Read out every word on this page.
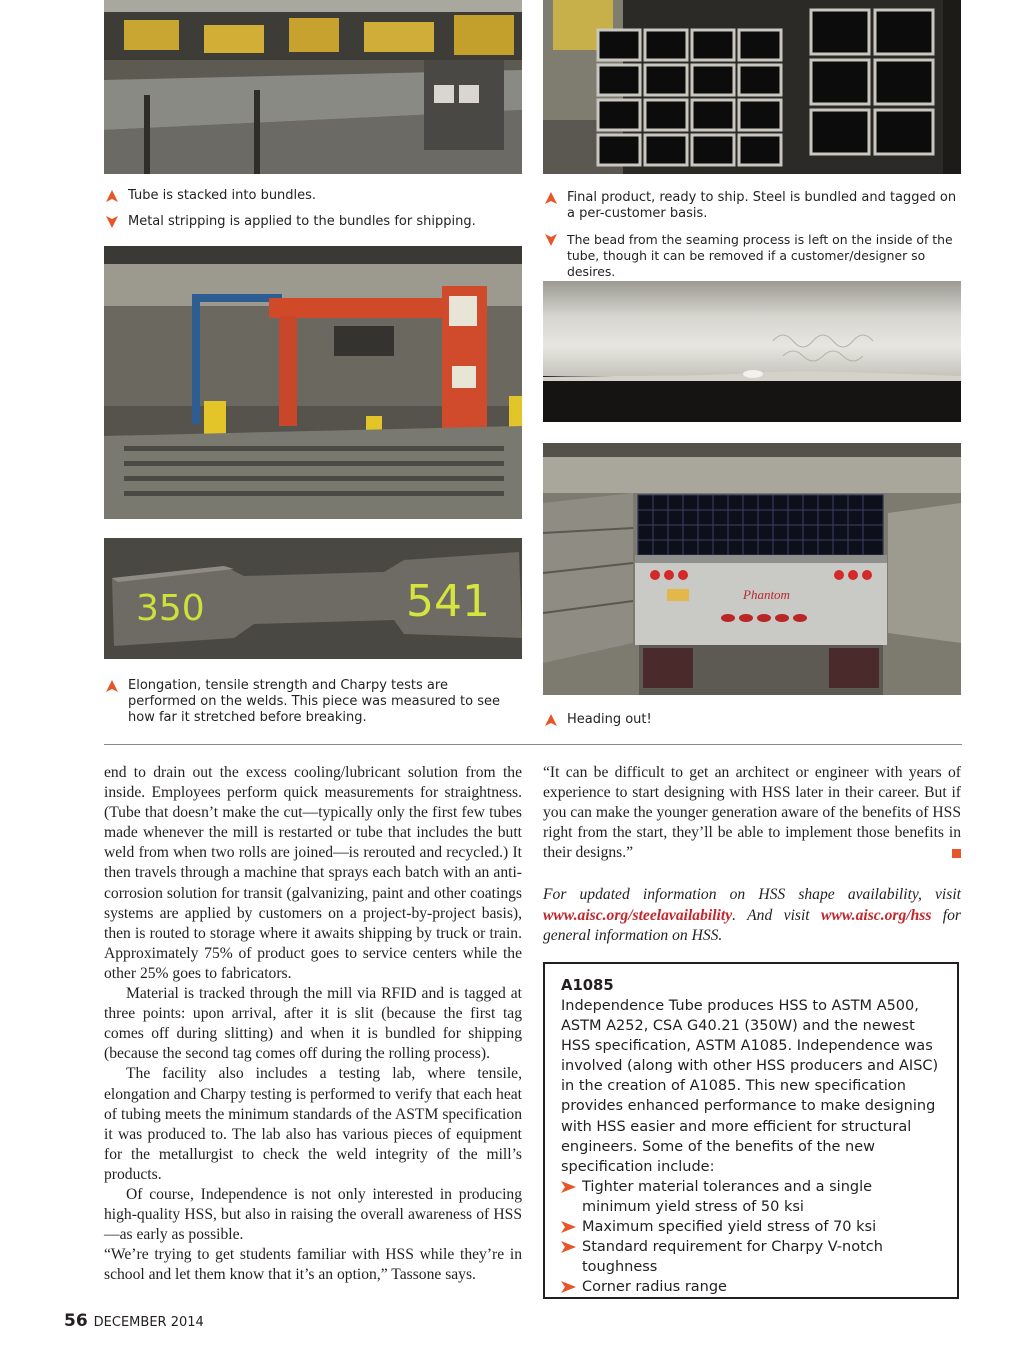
Tube is stacked into bundles.
Metal stripping is applied to the bundles for shipping.
Final product, ready to ship. Steel is bundled and tagged on a per-customer basis.
The bead from the seaming process is left on the inside of the tube, though it can be removed if a customer/designer so desires.
350	541	Phantom
Elongation, tensile strength and Charpy tests are performed on the welds. This piece was measured to see how far it stretched before breaking.	Heading out!

end to drain out the excess cooling/lubricant solution from the inside. Employees perform quick measurements for straightness. (Tube that doesn’t make the cut—typically only the first few tubes made whenever the mill is restarted or tube that includes the butt weld from when two rolls are joined—is rerouted and recycled.) It then travels through a machine that sprays each batch with an anti-corrosion solution for transit (galvanizing, paint and other coatings systems are applied by customers on a project-by-project basis), then is routed to storage where it awaits shipping by truck or train. Approximately 75% of product goes to service centers while the other 25% goes to fabricators.

Material is tracked through the mill via RFID and is tagged at three points: upon arrival, after it is slit (because the first tag comes off during slitting) and when it is bundled for shipping (because the second tag comes off during the rolling process).

The facility also includes a testing lab, where tensile, elongation and Charpy testing is performed to verify that each heat of tubing meets the minimum standards of the ASTM specification it was produced to. The lab also has various pieces of equipment for the metallurgist to check the weld integrity of the mill’s products.

Of course, Independence is not only interested in producing high-quality HSS, but also in raising the overall awareness of HSS—as early as possible.

“We’re trying to get students familiar with HSS while they’re in school and let them know that it’s an option,” Tassone says.

“It can be difficult to get an architect or engineer with years of experience to start designing with HSS later in their career. But if you can make the younger generation aware of the benefits of HSS right from the start, they’ll be able to implement those benefits in their designs.”

For updated information on HSS shape availability, visit www.aisc.org/steelavailability. And visit www.aisc.org/hss for general information on HSS.

A1085

Independence Tube produces HSS to ASTM A500, ASTM A252, CSA G40.21 (350W) and the newest HSS specification, ASTM A1085. Independence was involved (along with other HSS producers and AISC) in the creation of A1085. This new specification provides enhanced performance to make designing with HSS easier and more efficient for structural engineers. Some of the benefits of the new specification include:

Tighter material tolerances and a single minimum yield stress of 50 ksi
Maximum specified yield stress of 70 ksi
Standard requirement for Charpy V-notch toughness
Corner radius range
56 DECEMBER 2014
